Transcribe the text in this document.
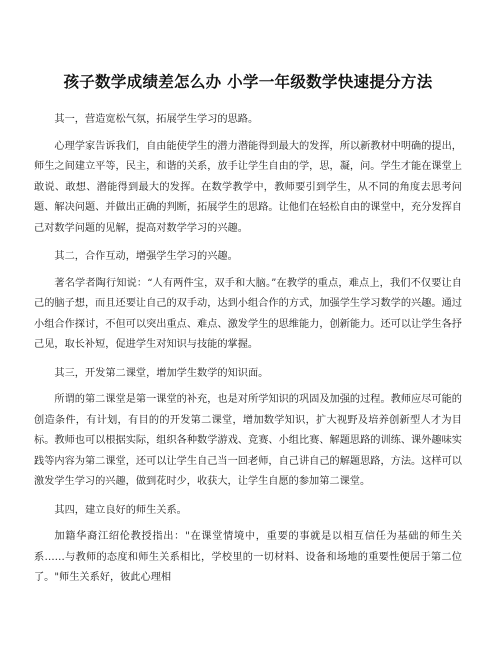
孩子数学成绩差怎么办 小学一年级数学快速提分方法

其一，营造宽松气氛，拓展学生学习的思路。

心理学家告诉我们，自由能使学生的潜力潜能得到最大的发挥，所以新教材中明确的提出，师生之间建立平等，民主，和谐的关系，放手让学生自由的学，思，凝，问。学生才能在课堂上敢说、敢想、潜能得到最大的发挥。在数学教学中，教师要引到学生，从不同的角度去思考问题、解决问题、并做出正确的判断，拓展学生的思路。让他们在轻松自由的课堂中，充分发挥自己对数学问题的见解，提高对数学学习的兴趣。

其二，合作互动，增强学生学习的兴趣。

著名学者陶行知说：“人有两件宝，双手和大脑。”在教学的重点，难点上，我们不仅要让自己的脑子想，而且还要让自己的双手动，达到小组合作的方式，加强学生学习数学的兴趣。通过小组合作探讨，不但可以突出重点、难点、激发学生的思维能力，创新能力。还可以让学生各抒己见，取长补短，促进学生对知识与技能的掌握。

其三，开发第二课堂，增加学生数学的知识面。

所谓的第二课堂是第一课堂的补充，也是对所学知识的巩固及加强的过程。教师应尽可能的创造条件，有计划，有目的的开发第二课堂，增加数学知识，扩大视野及培养创新型人才为目标。教师也可以根据实际，组织各种数学游戏、竞赛、小组比赛、解题思路的训练、课外趣味实践等内容为第二课堂，还可以让学生自己当一回老师，自己讲自己的解题思路，方法。这样可以激发学生学习的兴趣，做到花时少，收获大，让学生自愿的参加第二课堂。

其四，建立良好的师生关系。

加籍华裔江绍伦教授指出："在课堂情境中，重要的事就是以相互信任为基础的师生关系……与教师的态度和师生关系相比，学校里的一切材料、设备和场地的重要性便居于第二位了。"师生关系好，彼此心理相
